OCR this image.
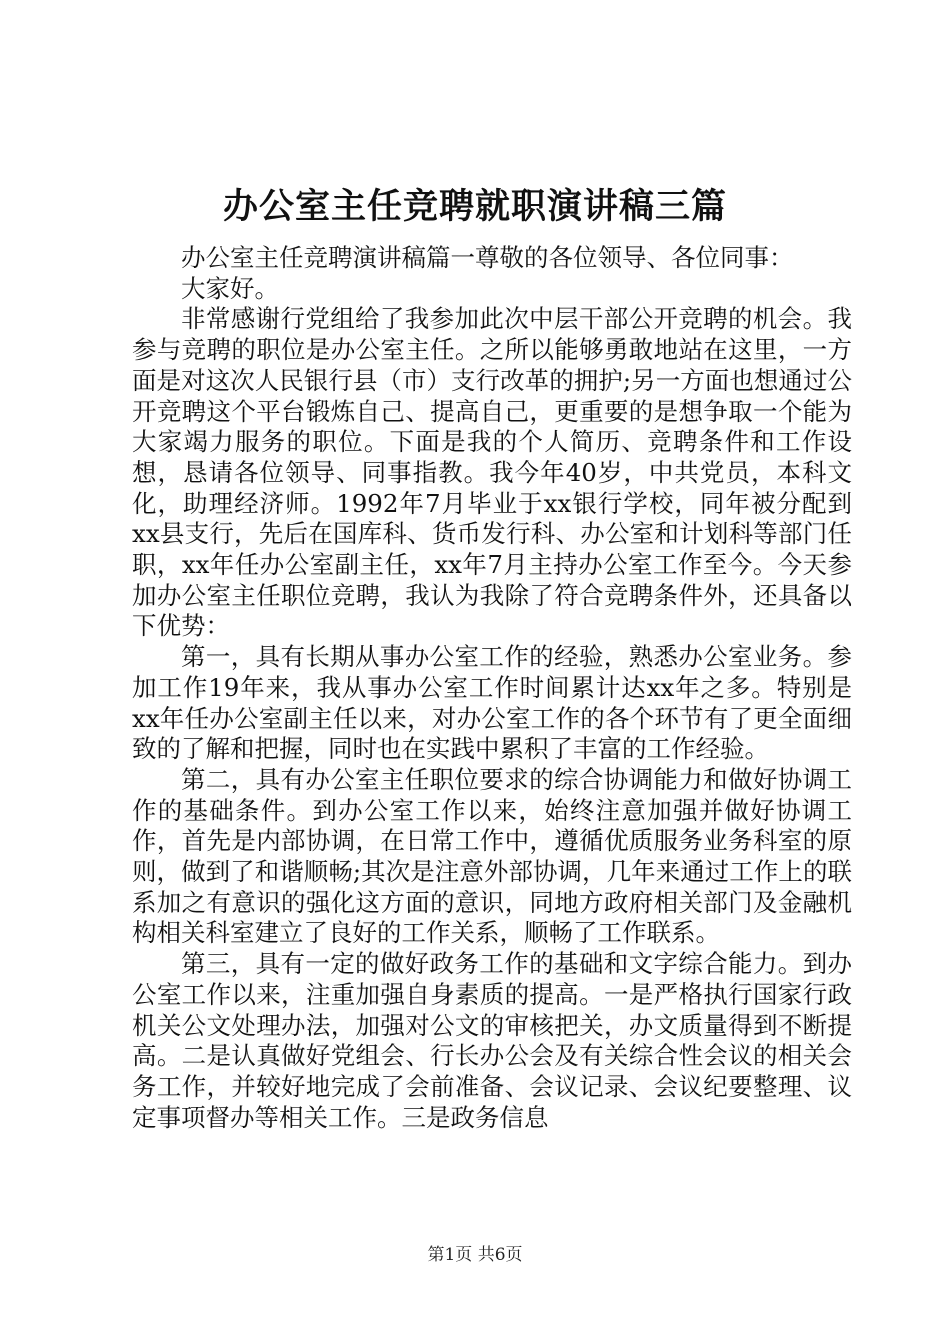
办公室主任竞聘就职演讲稿三篇

办公室主任竞聘演讲稿篇一尊敬的各位领导、各位同事：

大家好。

非常感谢行党组给了我参加此次中层干部公开竞聘的机会。我参与竞聘的职位是办公室主任。之所以能够勇敢地站在这里，一方面是对这次人民银行县（市）支行改革的拥护;另一方面也想通过公开竞聘这个平台锻炼自己、提高自己，更重要的是想争取一个能为大家竭力服务的职位。下面是我的个人简历、竞聘条件和工作设想，恳请各位领导、同事指教。我今年40岁，中共党员，本科文化，助理经济师。1992年7月毕业于xx银行学校，同年被分配到xx县支行，先后在国库科、货币发行科、办公室和计划科等部门任职，xx年任办公室副主任，xx年7月主持办公室工作至今。今天参加办公室主任职位竞聘，我认为我除了符合竞聘条件外，还具备以下优势：

第一，具有长期从事办公室工作的经验，熟悉办公室业务。参加工作19年来，我从事办公室工作时间累计达xx年之多。特别是xx年任办公室副主任以来，对办公室工作的各个环节有了更全面细致的了解和把握，同时也在实践中累积了丰富的工作经验。

第二，具有办公室主任职位要求的综合协调能力和做好协调工作的基础条件。到办公室工作以来，始终注意加强并做好协调工作，首先是内部协调，在日常工作中，遵循优质服务业务科室的原则，做到了和谐顺畅;其次是注意外部协调，几年来通过工作上的联系加之有意识的强化这方面的意识，同地方政府相关部门及金融机构相关科室建立了良好的工作关系，顺畅了工作联系。

第三，具有一定的做好政务工作的基础和文字综合能力。到办公室工作以来，注重加强自身素质的提高。一是严格执行国家行政机关公文处理办法，加强对公文的审核把关，办文质量得到不断提高。二是认真做好党组会、行长办公会及有关综合性会议的相关会务工作，并较好地完成了会前准备、会议记录、会议纪要整理、议定事项督办等相关工作。三是政务信息

第1页 共6页
